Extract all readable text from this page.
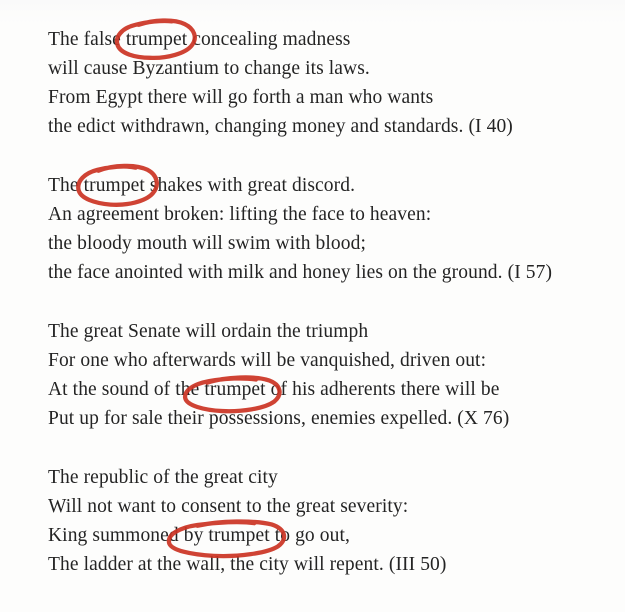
The false trumpet concealing madness
will cause Byzantium to change its laws.
From Egypt there will go forth a man who wants
the edict withdrawn, changing money and standards. (I 40)
The trumpet shakes with great discord.
An agreement broken: lifting the face to heaven:
the bloody mouth will swim with blood;
the face anointed with milk and honey lies on the ground. (I 57)
The great Senate will ordain the triumph
For one who afterwards will be vanquished, driven out:
At the sound of the trumpet of his adherents there will be
Put up for sale their possessions, enemies expelled. (X 76)
The republic of the great city
Will not want to consent to the great severity:
King summoned by trumpet to go out,
The ladder at the wall, the city will repent. (III 50)
